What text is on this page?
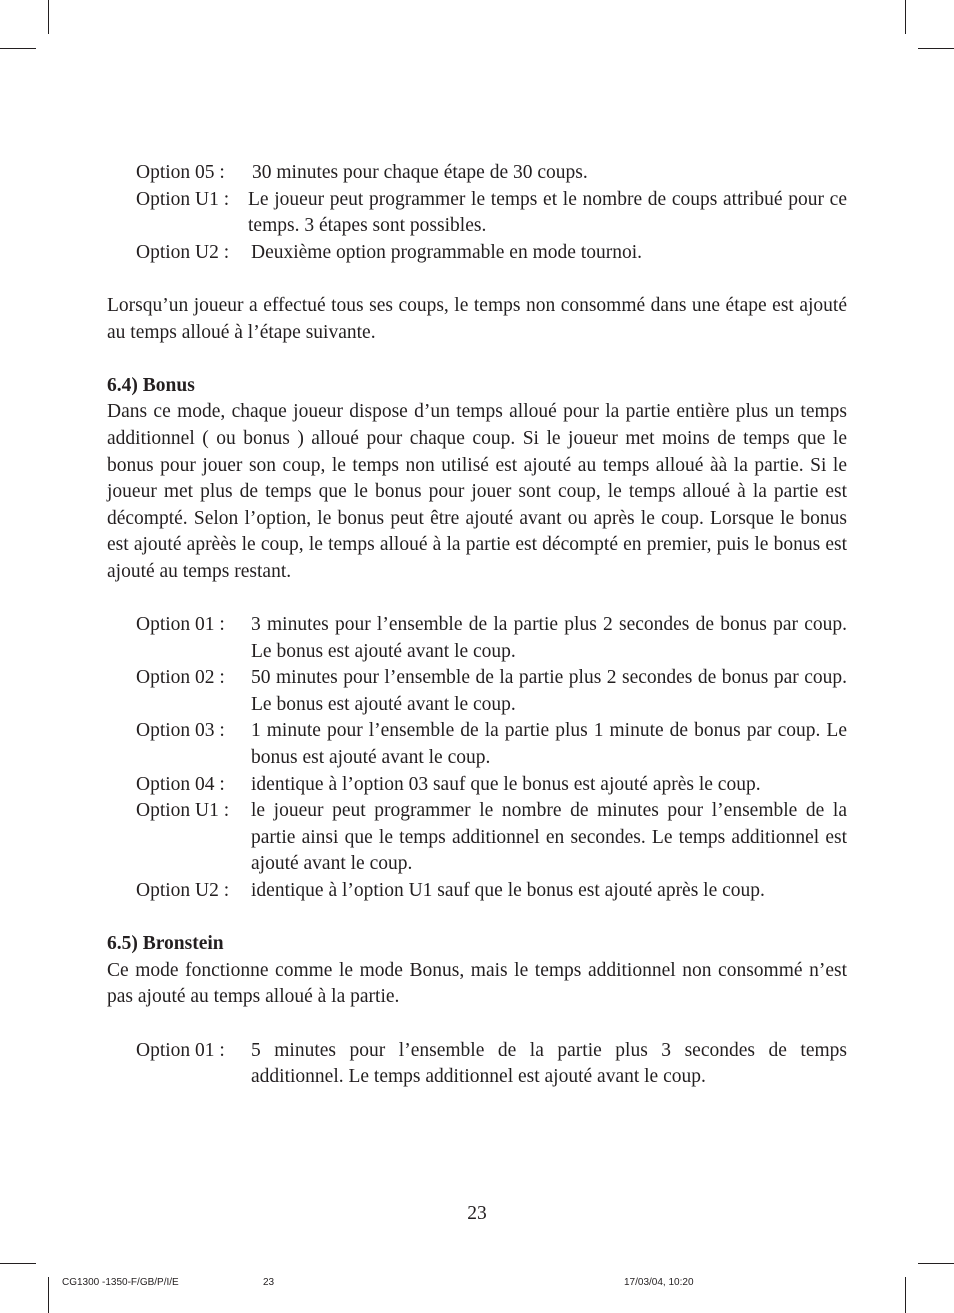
Option 05 : 30 minutes pour chaque étape de 30 coups.
Option U1 : Le joueur peut programmer le temps et le nombre de coups attribué pour ce temps. 3 étapes sont possibles.
Option U2 : Deuxième option programmable en mode tournoi.

Lorsqu’un joueur a effectué tous ses coups, le temps non consommé dans une étape est ajouté au temps alloué à l’étape suivante.

6.4) Bonus

Dans ce mode, chaque joueur dispose d’un temps alloué pour la partie entière plus un temps additionnel ( ou bonus ) alloué pour chaque coup. Si le joueur met moins de temps que le bonus pour jouer son coup, le temps non utilisé est ajouté au temps alloué àà la partie. Si le joueur met plus de temps que le bonus pour jouer sont coup, le temps alloué à la partie est décompté. Selon l’option, le bonus peut être ajouté avant ou après le coup. Lorsque le bonus est ajouté aprèès le coup, le temps alloué à la partie est décompté en premier, puis le bonus est ajouté au temps restant.

Option 01 :	3 minutes pour l’ensemble de la partie plus 2 secondes de bonus par coup. Le bonus est ajouté avant le coup.
Option 02 :	50 minutes pour l’ensemble de la partie plus 2 secondes de bonus par coup. Le bonus est ajouté avant le coup.
Option 03 :	1 minute pour l’ensemble de la partie plus 1 minute de bonus par coup. Le bonus est ajouté avant le coup.
Option 04 :	identique à l’option 03 sauf que le bonus est ajouté après le coup.
Option U1 : le joueur peut programmer le nombre de minutes pour l’ensemble de la partie ainsi que le temps additionnel en secondes. Le temps additionnel est ajouté avant le coup.
Option U2 : identique à l’option U1 sauf que le bonus est ajouté après le coup.
6.5) Bronstein

Ce mode fonctionne comme le mode Bonus, mais le temps additionnel non consommé n’est pas ajouté au temps alloué à la partie.

Option 01 :	5 minutes pour l’ensemble de la partie plus 3 secondes de temps additionnel. Le temps additionnel est ajouté avant le coup.
23
CG1300 -1350-F/GB/P/I/E	23	17/03/04, 10:20
